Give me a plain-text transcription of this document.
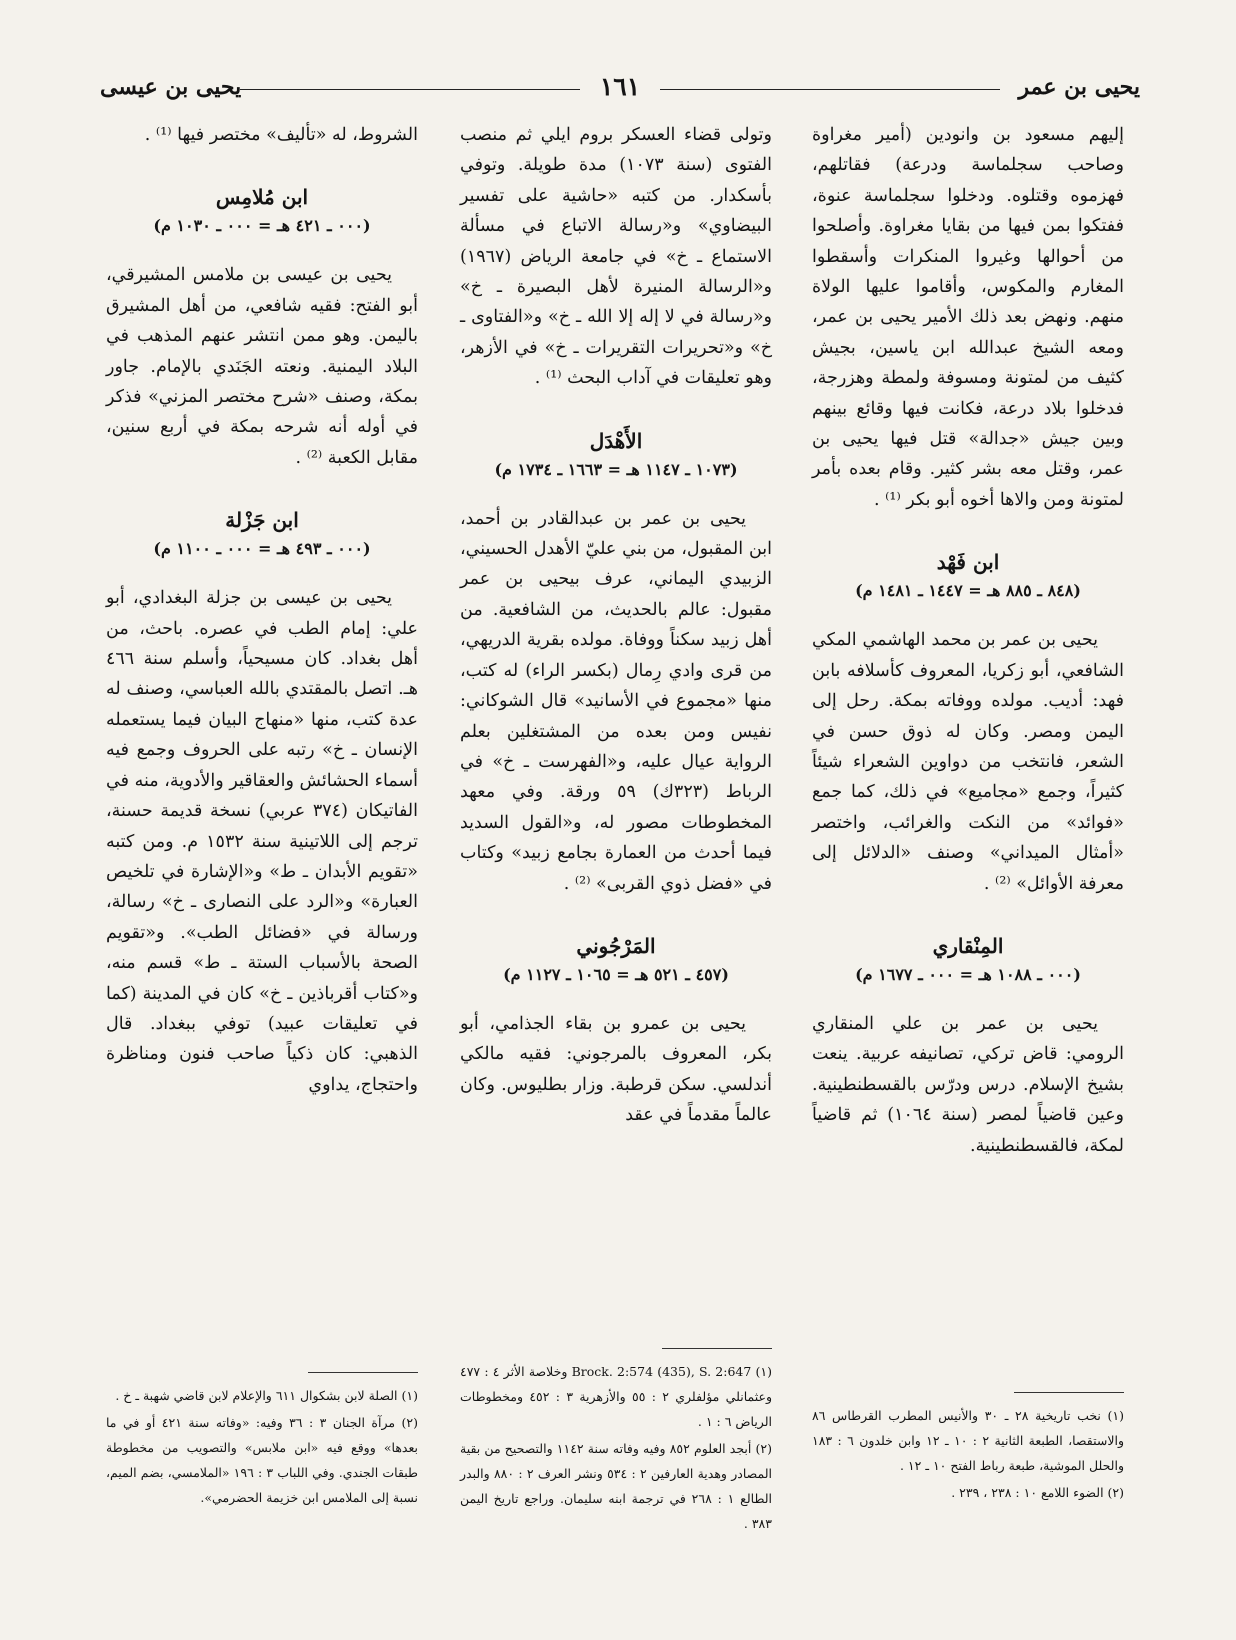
يحيى بن عمر
١٦١
يحيى بن عيسى

إليهم مسعود بن وانودين (أمير مغراوة وصاحب سجلماسة ودرعة) فقاتلهم، فهزموه وقتلوه. ودخلوا سجلماسة عنوة، ففتكوا بمن فيها من بقايا مغراوة. وأصلحوا من أحوالها وغيروا المنكرات وأسقطوا المغارم والمكوس، وأقاموا عليها الولاة منهم. ونهض بعد ذلك الأمير يحيى بن عمر، ومعه الشيخ عبدالله ابن ياسين، بجيش كثيف من لمتونة ومسوفة ولمطة وهزرجة، فدخلوا بلاد درعة، فكانت فيها وقائع بينهم وبين جيش «جدالة» قتل فيها يحيى بن عمر، وقتل معه بشر كثير. وقام بعده بأمر لمتونة ومن والاها أخوه أبو بكر ⁽¹⁾ .

ابن فَهْد

(٨٤٨ ـ ٨٨٥ هـ = ١٤٤٧ ـ ١٤٨١ م)

يحيى بن عمر بن محمد الهاشمي المكي الشافعي، أبو زكريا، المعروف كأسلافه بابن فهد: أديب. مولده ووفاته بمكة. رحل إلى اليمن ومصر. وكان له ذوق حسن في الشعر، فانتخب من دواوين الشعراء شيئاً كثيراً، وجمع «مجاميع» في ذلك، كما جمع «فوائد» من النكت والغرائب، واختصر «أمثال الميداني» وصنف «الدلائل إلى معرفة الأوائل» ⁽²⁾ .

المِنْقاري

(٠٠٠ ـ ١٠٨٨ هـ = ٠٠٠ ـ ١٦٧٧ م)

يحيى بن عمر بن علي المنقاري الرومي: قاض تركي، تصانيفه عربية. ينعت بشيخ الإسلام. درس ودرّس بالقسطنطينية. وعين قاضياً لمصر (سنة ١٠٦٤) ثم قاضياً لمكة، فالقسطنطينية.

وتولى قضاء العسكر بروم ايلي ثم منصب الفتوى (سنة ١٠٧٣) مدة طويلة. وتوفي بأسكدار. من كتبه «حاشية على تفسير البيضاوي» و«رسالة الاتباع في مسألة الاستماع ـ خ» في جامعة الرياض (١٩٦٧) و«الرسالة المنيرة لأهل البصيرة ـ خ» و«رسالة في لا إله إلا الله ـ خ» و«الفتاوى ـ خ» و«تحريرات التقريرات ـ خ» في الأزهر، وهو تعليقات في آداب البحث ⁽¹⁾ .

الأَهْدَل

(١٠٧٣ ـ ١١٤٧ هـ = ١٦٦٣ ـ ١٧٣٤ م)

يحيى بن عمر بن عبدالقادر بن أحمد، ابن المقبول، من بني عليّ الأهدل الحسيني، الزبيدي اليماني، عرف بيحيى بن عمر مقبول: عالم بالحديث، من الشافعية. من أهل زبيد سكناً ووفاة. مولده بقرية الدريهي، من قرى وادي رِمال (بكسر الراء) له كتب، منها «مجموع في الأسانيد» قال الشوكاني: نفيس ومن بعده من المشتغلين بعلم الرواية عيال عليه، و«الفهرست ـ خ» في الرباط (٣٢٣ك) ٥٩ ورقة. وفي معهد المخطوطات مصور له، و«القول السديد فيما أحدث من العمارة بجامع زبيد» وكتاب في «فضل ذوي القربى» ⁽²⁾ .

المَرْجُوني

(٤٥٧ ـ ٥٢١ هـ = ١٠٦٥ ـ ١١٢٧ م)

يحيى بن عمرو بن بقاء الجذامي، أبو بكر، المعروف بالمرجوني: فقيه مالكي أندلسي. سكن قرطبة. وزار بطليوس. وكان عالماً مقدماً في عقد

الشروط، له «تأليف» مختصر فيها ⁽¹⁾ .

ابن مُلامِس

(٠٠٠ ـ ٤٢١ هـ = ٠٠٠ ـ ١٠٣٠ م)

يحيى بن عيسى بن ملامس المشيرقي، أبو الفتح: فقيه شافعي، من أهل المشيرق باليمن. وهو ممن انتشر عنهم المذهب في البلاد اليمنية. ونعته الجَنَدي بالإمام. جاور بمكة، وصنف «شرح مختصر المزني» فذكر في أوله أنه شرحه بمكة في أربع سنين، مقابل الكعبة ⁽²⁾ .

ابن جَزْلة

(٠٠٠ ـ ٤٩٣ هـ = ٠٠٠ ـ ١١٠٠ م)

يحيى بن عيسى بن جزلة البغدادي، أبو علي: إمام الطب في عصره. باحث، من أهل بغداد. كان مسيحياً، وأسلم سنة ٤٦٦ هـ. اتصل بالمقتدي بالله العباسي، وصنف له عدة كتب، منها «منهاج البيان فيما يستعمله الإنسان ـ خ» رتبه على الحروف وجمع فيه أسماء الحشائش والعقاقير والأدوية، منه في الفاتيكان (٣٧٤ عربي) نسخة قديمة حسنة، ترجم إلى اللاتينية سنة ١٥٣٢ م. ومن كتبه «تقويم الأبدان ـ ط» و«الإشارة في تلخيص العبارة» و«الرد على النصارى ـ خ» رسالة، ورسالة في «فضائل الطب». و«تقويم الصحة بالأسباب الستة ـ ط» قسم منه، و«كتاب أقرباذين ـ خ» كان في المدينة (كما في تعليقات عبيد) توفي ببغداد. قال الذهبي: كان ذكياً صاحب فنون ومناظرة واحتجاج، يداوي

(١) نخب تاريخية ٢٨ ـ ٣٠ والأنيس المطرب القرطاس ٨٦ والاستقصا، الطبعة الثانية ٢ : ١٠ ـ ١٢ وابن خلدون ٦ : ١٨٣ والحلل الموشية، طبعة رباط الفتح ١٠ ـ ١٢ .

(٢) الضوء اللامع ١٠ : ٢٣٨ ، ٢٣٩ .

(١) Brock. 2:574 (435), S. 2:647 وخلاصة الأثر ٤ : ٤٧٧ وعثمانلي مؤلفلري ٢ : ٥٥ والأزهرية ٣ : ٤٥٢ ومخطوطات الرياض ٦ : ١ .

(٢) أبجد العلوم ٨٥٢ وفيه وفاته سنة ١١٤٢ والتصحيح من بقية المصادر وهدية العارفين ٢ : ٥٣٤ ونشر العرف ٢ : ٨٨٠ والبدر الطالع ١ : ٢٦٨ في ترجمة ابنه سليمان. وراجع تاريخ اليمن ٣٨٣ .

(١) الصلة لابن بشكوال ٦١١ والإعلام لابن قاضي شهبة ـ خ .

(٢) مرآة الجنان ٣ : ٣٦ وفيه: «وفاته سنة ٤٢١ أو في ما بعدها» ووقع فيه «ابن ملابس» والتصويب من مخطوطة طبقات الجندي. وفي اللباب ٣ : ١٩٦ «الملامسي، بضم الميم، نسبة إلى الملامس ابن خزيمة الحضرمي».
